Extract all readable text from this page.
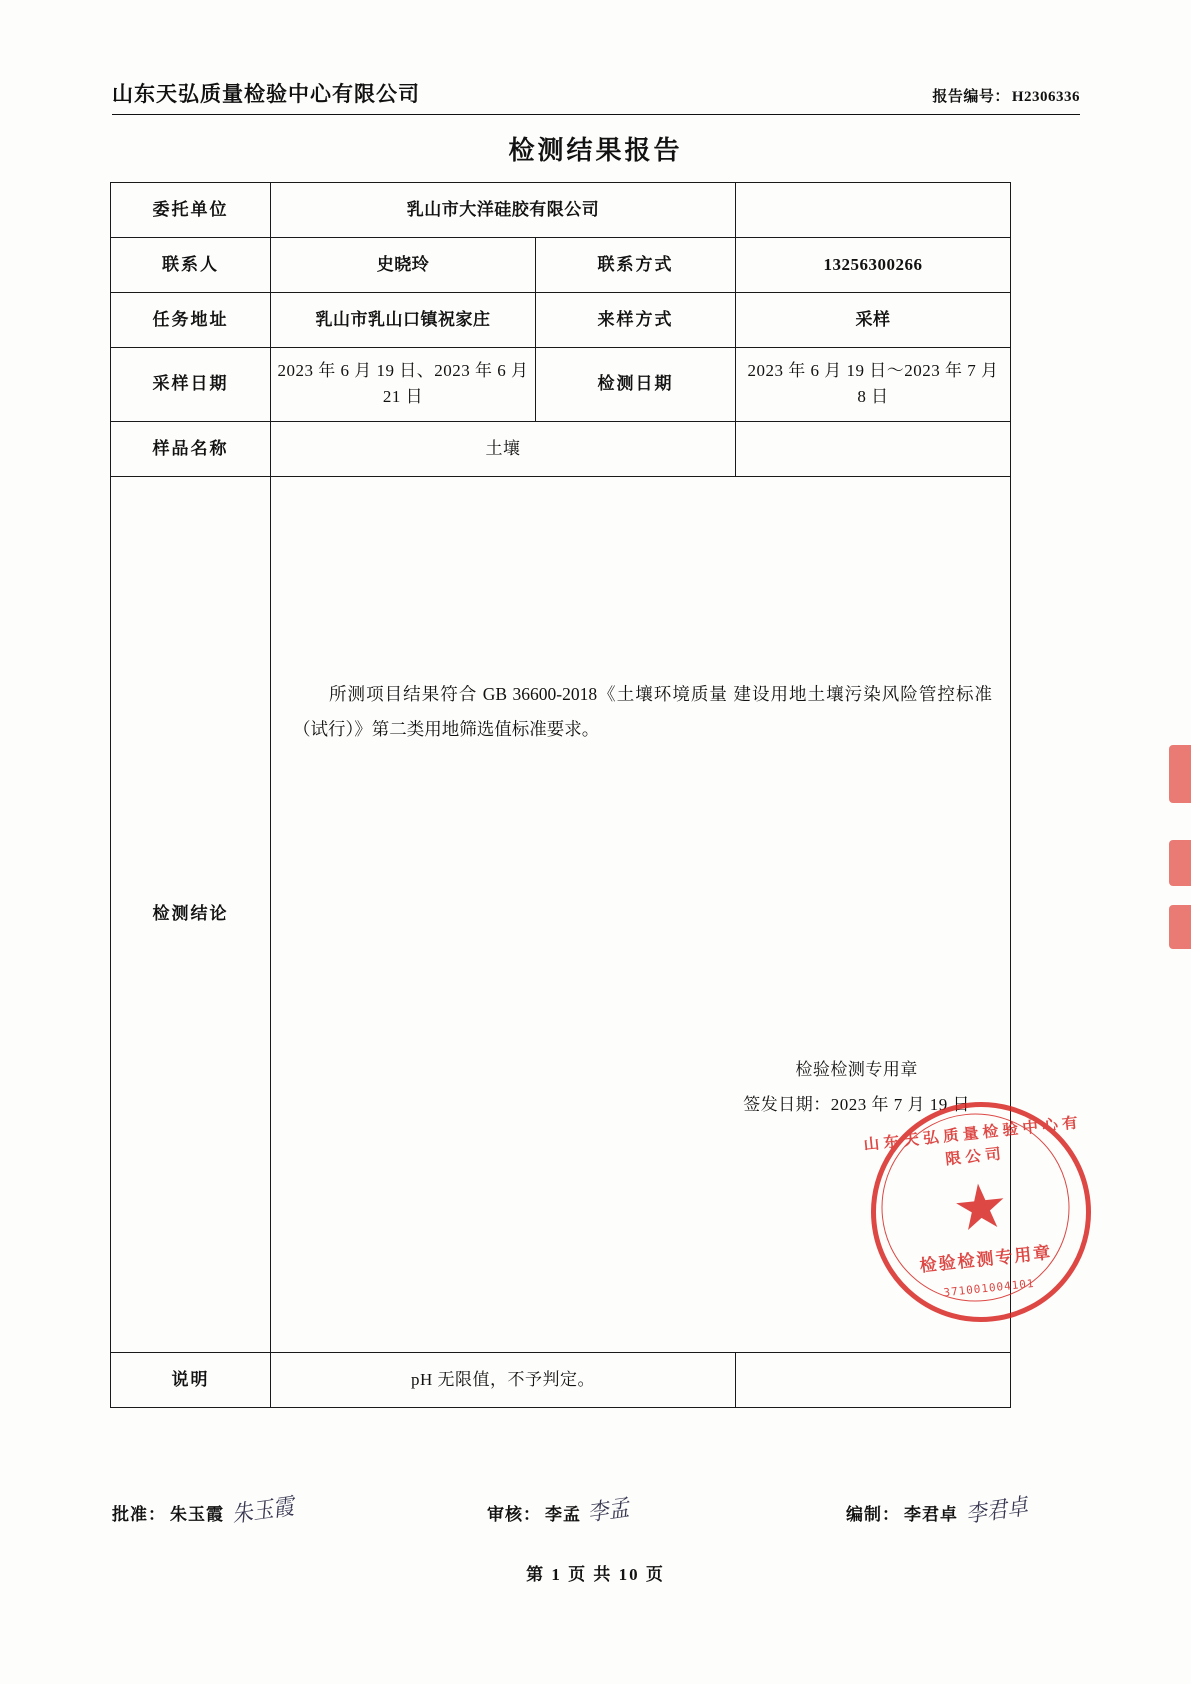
山东天弘质量检验中心有限公司	报告编号： H2306336
检测结果报告
委托单位	乳山市大洋硅胶有限公司		
联系人	史晓玲	联系方式	13256300266
任务地址	乳山市乳山口镇祝家庄	来样方式	采样
采样日期	2023 年 6 月 19 日、2023 年 6 月 21 日	检测日期	2023 年 6 月 19 日～2023 年 7 月 8 日
样品名称	土壤		
检测结论	
所测项目结果符合 GB 36600-2018《土壤环境质量 建设用地土壤污染风险管控标准（试行）》第二类用地筛选值标准要求。
检验检测专用章
签发日期：2023 年 7 月 19 日
山东天弘质量检验中心有限公司
★
检验检测专用章
371001004101

说明	pH 无限值，不予判定。		
批准： 朱玉霞 朱玉霞	审核： 李孟 李孟	编制： 李君卓 李君卓
第 1 页 共 10 页
